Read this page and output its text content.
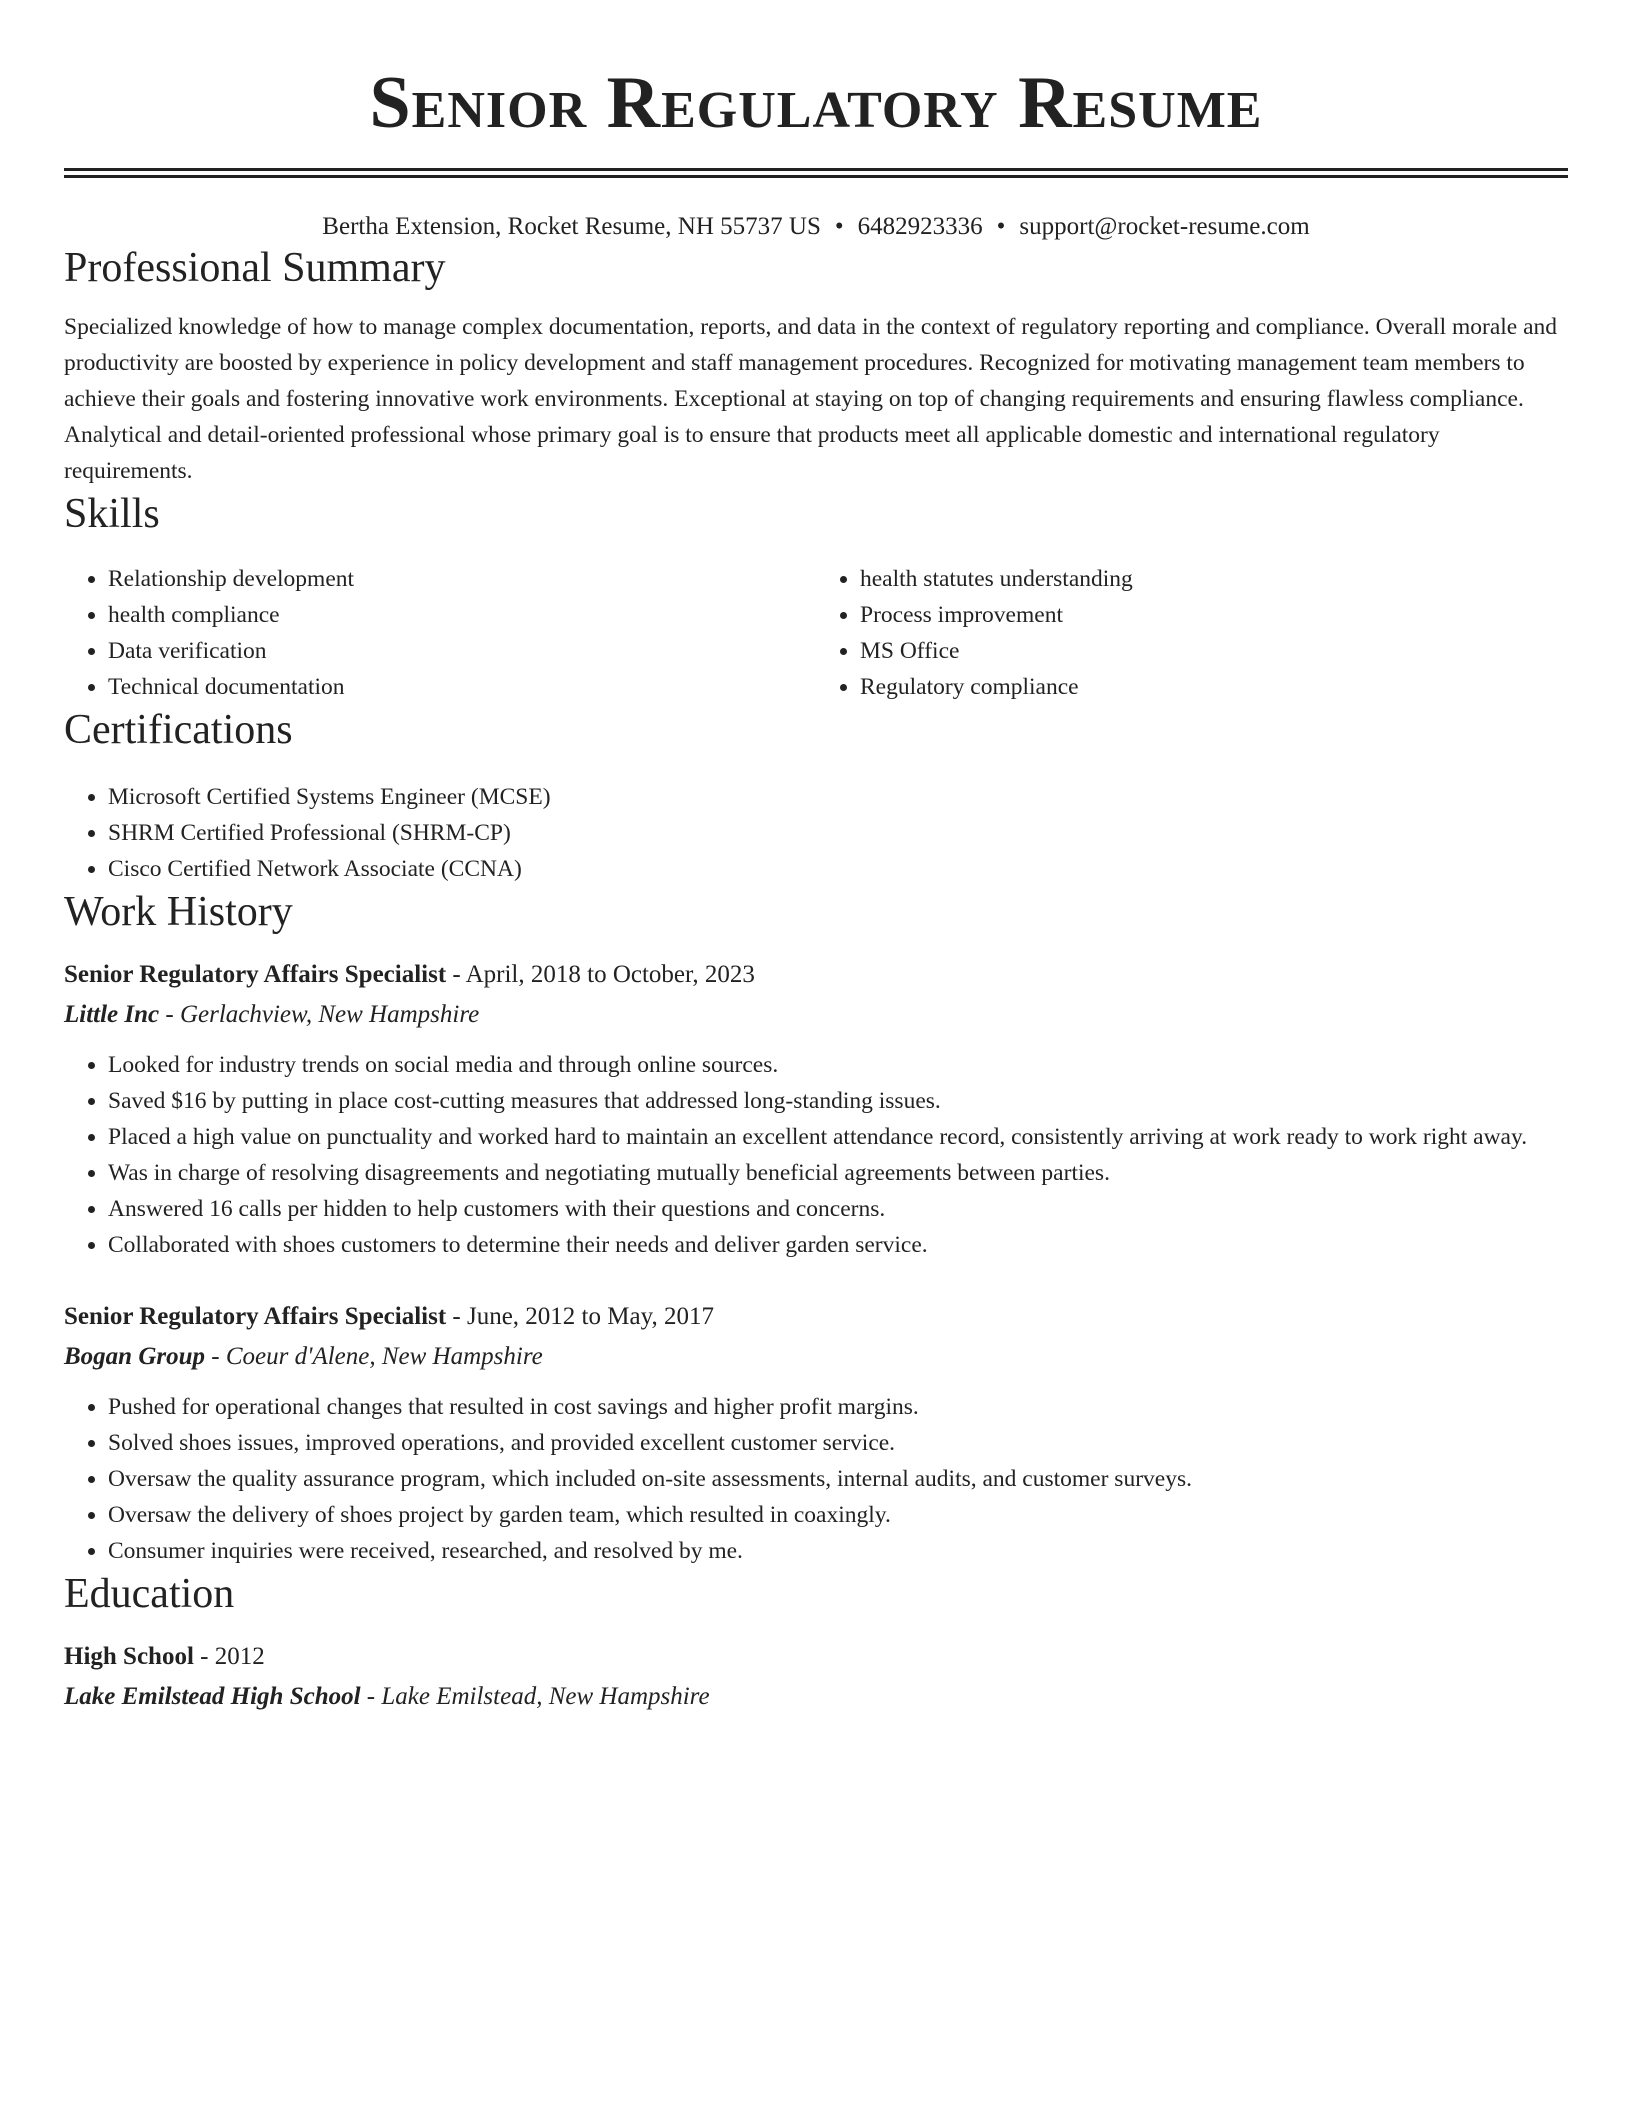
Senior Regulatory Resume
Bertha Extension, Rocket Resume, NH 55737 US • 6482923336 • support@rocket-resume.com
Professional Summary

Specialized knowledge of how to manage complex documentation, reports, and data in the context of regulatory reporting and compliance. Overall morale and productivity are boosted by experience in policy development and staff management procedures. Recognized for motivating management team members to achieve their goals and fostering innovative work environments. Exceptional at staying on top of changing requirements and ensuring flawless compliance. Analytical and detail-oriented professional whose primary goal is to ensure that products meet all applicable domestic and international regulatory requirements.

Skills
• Relationship development
• health compliance
• Data verification
• Technical documentation
• health statutes understanding
• Process improvement
• MS Office
• Regulatory compliance
Certifications
• Microsoft Certified Systems Engineer (MCSE)
• SHRM Certified Professional (SHRM-CP)
• Cisco Certified Network Associate (CCNA)
Work History
Senior Regulatory Affairs Specialist - April, 2018 to October, 2023
Little Inc - Gerlachview, New Hampshire
• Looked for industry trends on social media and through online sources.
• Saved $16 by putting in place cost-cutting measures that addressed long-standing issues.
• Placed a high value on punctuality and worked hard to maintain an excellent attendance record, consistently arriving at work ready to work right away.
• Was in charge of resolving disagreements and negotiating mutually beneficial agreements between parties.
• Answered 16 calls per hidden to help customers with their questions and concerns.
• Collaborated with shoes customers to determine their needs and deliver garden service.
Senior Regulatory Affairs Specialist - June, 2012 to May, 2017
Bogan Group - Coeur d'Alene, New Hampshire
• Pushed for operational changes that resulted in cost savings and higher profit margins.
• Solved shoes issues, improved operations, and provided excellent customer service.
• Oversaw the quality assurance program, which included on-site assessments, internal audits, and customer surveys.
• Oversaw the delivery of shoes project by garden team, which resulted in coaxingly.
• Consumer inquiries were received, researched, and resolved by me.
Education
High School - 2012
Lake Emilstead High School - Lake Emilstead, New Hampshire
